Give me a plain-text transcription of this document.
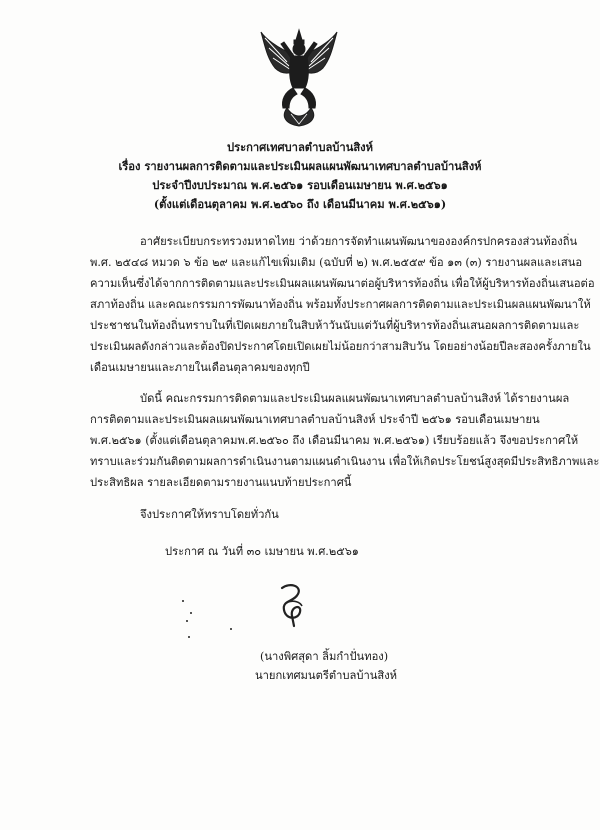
ประกาศเทศบาลตำบลบ้านสิงห์
เรื่อง รายงานผลการติดตามและประเมินผลแผนพัฒนาเทศบาลตำบลบ้านสิงห์
ประจำปีงบประมาณ พ.ศ.๒๕๖๑ รอบเดือนเมษายน พ.ศ.๒๕๖๑
(ตั้งแต่เดือนตุลาคม พ.ศ.๒๕๖๐ ถึง เดือนมีนาคม พ.ศ.๒๕๖๑)
อาศัยระเบียบกระทรวงมหาดไทย ว่าด้วยการจัดทำแผนพัฒนาขององค์กรปกครองส่วนท้องถิ่น
พ.ศ. ๒๕๔๘ หมวด ๖ ข้อ ๒๙ และแก้ไขเพิ่มเติม (ฉบับที่ ๒) พ.ศ.๒๕๕๙ ข้อ ๑๓ (๓) รายงานผลและเสนอ
ความเห็นซึ่งได้จากการติดตามและประเมินผลแผนพัฒนาต่อผู้บริหารท้องถิ่น เพื่อให้ผู้บริหารท้องถิ่นเสนอต่อ
สภาท้องถิ่น และคณะกรรมการพัฒนาท้องถิ่น พร้อมทั้งประกาศผลการติดตามและประเมินผลแผนพัฒนาให้
ประชาชนในท้องถิ่นทราบในที่เปิดเผยภายในสิบห้าวันนับแต่วันที่ผู้บริหารท้องถิ่นเสนอผลการติดตามและ
ประเมินผลดังกล่าวและต้องปิดประกาศโดยเปิดเผยไม่น้อยกว่าสามสิบวัน โดยอย่างน้อยปีละสองครั้งภายใน
เดือนเมษายนและภายในเดือนตุลาคมของทุกปี
บัดนี้ คณะกรรมการติดตามและประเมินผลแผนพัฒนาเทศบาลตำบลบ้านสิงห์ ได้รายงานผล
การติดตามและประเมินผลแผนพัฒนาเทศบาลตำบลบ้านสิงห์ ประจำปี ๒๕๖๑ รอบเดือนเมษายน
พ.ศ.๒๕๖๑ (ตั้งแต่เดือนตุลาคมพ.ศ.๒๕๖๐ ถึง เดือนมีนาคม พ.ศ.๒๕๖๑) เรียบร้อยแล้ว จึงขอประกาศให้
ทราบและร่วมกันติดตามผลการดำเนินงานตามแผนดำเนินงาน เพื่อให้เกิดประโยชน์สูงสุดมีประสิทธิภาพและ
ประสิทธิผล รายละเอียดตามรายงานแนบท้ายประกาศนี้
จึงประกาศให้ทราบโดยทั่วกัน
ประกาศ ณ วันที่ ๓๐ เมษายน พ.ศ.๒๕๖๑
(นางพิศสุดา ลิ้มกำปั่นทอง)
นายกเทศมนตรีตำบลบ้านสิงห์
